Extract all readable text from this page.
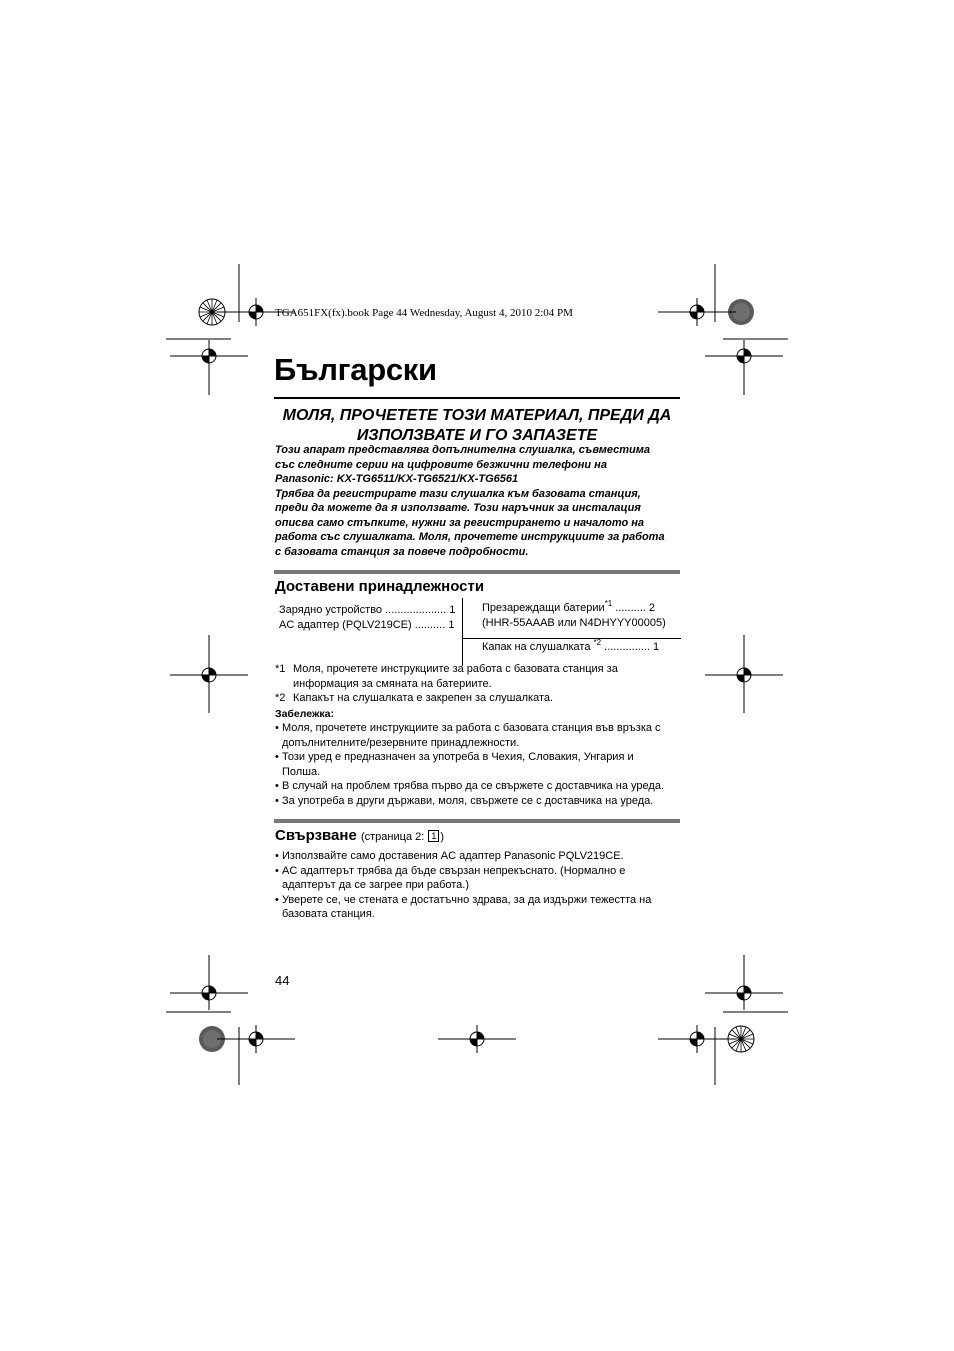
TGA651FX(fx).book Page 44 Wednesday, August 4, 2010 2:04 PM
Български
МОЛЯ, ПРОЧЕТЕТЕ ТОЗИ МАТЕРИАЛ, ПРЕДИ ДА
ИЗПОЛЗВАТЕ И ГО ЗАПАЗЕТЕ

Този апарат представлява допълнителна слушалка, съвместима

със следните серии на цифровите безжични телефони на

Panasonic: KX-TG6511/KX-TG6521/KX-TG6561

Трябва да регистрирате тази слушалка към базовата станция,

преди да можете да я използвате. Този наръчник за инсталация

описва само стъпките, нужни за регистрирането и началото на

работа със слушалката. Моля, прочетете инструкциите за работа

с базовата станция за повече подробности.

Доставени принадлежности
Зарядно устройство .................... 1
AC адаптер (PQLV219CE) .......... 1
Презареждащи батерии$^{*1}$ .......... 2
(HHR-55AAAB или N4DHYYY00005)
Капак на слушалката $^{*2}$ ............... 1
*1 Моля, прочетете инструкциите за работа с базовата станция за
информация за смяната на батериите.
*2 Капакът на слушалката е закрепен за слушалката.
Забележка:
• Моля, прочетете инструкциите за работа с базовата станция във връзка с
допълнителните/резервните принадлежности.
• Този уред е предназначен за употреба в Чехия, Словакия, Унгария и
Полша.
• В случай на проблем трябва първо да се свържете с доставчика на уреда.
• За употреба в други държави, моля, свържете се с доставчика на уреда.
Свързване (страница 2: 1 )
• Използвайте само доставения AC адаптер Panasonic PQLV219CE.
• AC адаптерът трябва да бъде свързан непрекъснато. (Нормално е
адаптерът да се загрее при работа.)
• Уверете се, че стената е достатъчно здрава, за да издържи тежестта на
базовата станция.
44
